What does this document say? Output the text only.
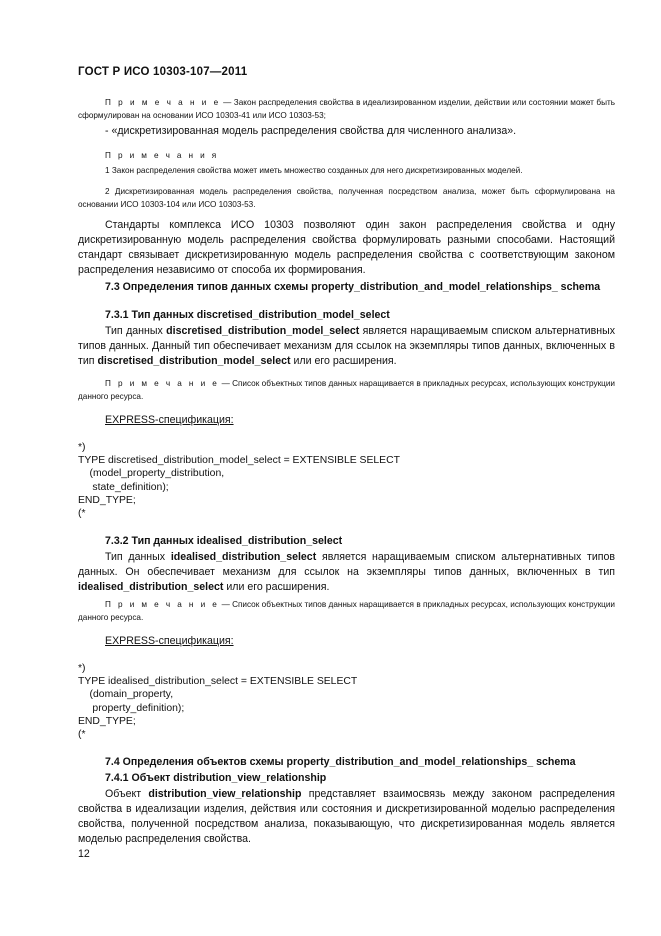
ГОСТ Р ИСО 10303-107—2011
П р и м е ч а н и е — Закон распределения свойства в идеализированном изделии, действии или состоянии может быть сформулирован на основании ИСО 10303-41 или ИСО 10303-53;
- «дискретизированная модель распределения свойства для численного анализа».
П р и м е ч а н и я
1 Закон распределения свойства может иметь множество созданных для него дискретизированных моделей.
2 Дискретизированная модель распределения свойства, полученная посредством анализа, может быть сформулирована на основании ИСО 10303-104 или ИСО 10303-53.
Стандарты комплекса ИСО 10303 позволяют один закон распределения свойства и одну дискретизированную модель распределения свойства формулировать разными способами. Настоящий стандарт связывает дискретизированную модель распределения свойства с соответствующим законом распределения независимо от способа их формирования.
7.3 Определения типов данных схемы property_distribution_and_model_relationships_ schema
7.3.1 Тип данных discretised_distribution_model_select
Тип данных discretised_distribution_model_select является наращиваемым списком альтернативных типов данных. Данный тип обеспечивает механизм для ссылок на экземпляры типов данных, включенных в тип discretised_distribution_model_select или его расширения.
П р и м е ч а н и е — Список объектных типов данных наращивается в прикладных ресурсах, использующих конструкции данного ресурса.
EXPRESS-спецификация:
*)
TYPE discretised_distribution_model_select = EXTENSIBLE SELECT
(model_property_distribution,
state_definition);
END_TYPE;
(*
7.3.2 Тип данных idealised_distribution_select
Тип данных idealised_distribution_select является наращиваемым списком альтернативных типов данных. Он обеспечивает механизм для ссылок на экземпляры типов данных, включенных в тип idealised_distribution_select или его расширения.
П р и м е ч а н и е — Список объектных типов данных наращивается в прикладных ресурсах, использующих конструкции данного ресурса.
EXPRESS-спецификация:
*)
TYPE idealised_distribution_select = EXTENSIBLE SELECT
(domain_property,
property_definition);
END_TYPE;
(*
7.4 Определения объектов схемы property_distribution_and_model_relationships_ schema
7.4.1 Объект distribution_view_relationship
Объект distribution_view_relationship представляет взаимосвязь между законом распределения свойства в идеализации изделия, действия или состояния и дискретизированной моделью распределения свойства, полученной посредством анализа, показывающую, что дискретизированная модель является моделью распределения свойства.
12
